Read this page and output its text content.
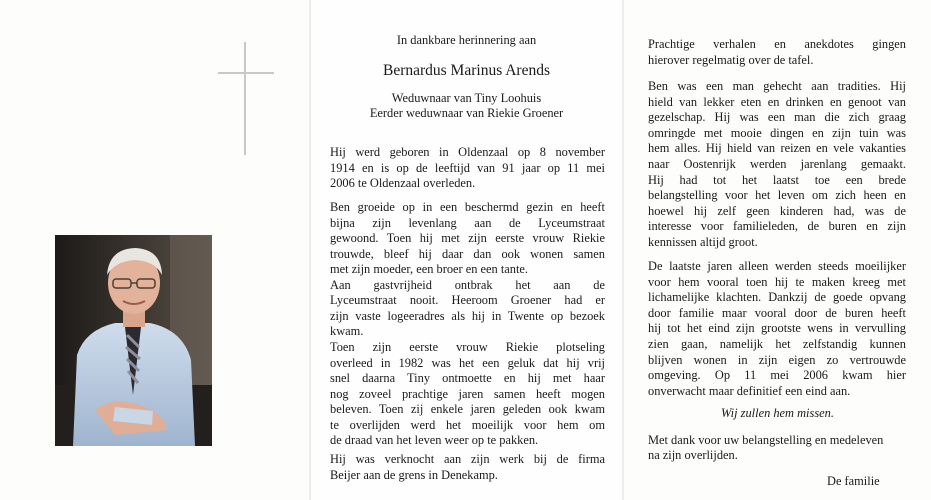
In dankbare herinnering aan
Bernardus Marinus Arends
Weduwnaar van Tiny Loohuis
Eerder weduwnaar van Riekie Groener
Hij werd geboren in Oldenzaal op 8 november
1914 en is op de leeftijd van 91 jaar op 11 mei
2006 te Oldenzaal overleden.
Ben groeide op in een beschermd gezin en heeft
bijna zijn levenlang aan de Lyceumstraat
gewoond. Toen hij met zijn eerste vrouw Riekie
trouwde, bleef hij daar dan ook wonen samen
met zijn moeder, een broer en een tante.
Aan gastvrijheid ontbrak het aan de
Lyceumstraat nooit. Heeroom Groener had er
zijn vaste logeeradres als hij in Twente op bezoek
kwam.
Toen zijn eerste vrouw Riekie plotseling
overleed in 1982 was het een geluk dat hij vrij
snel daarna Tiny ontmoette en hij met haar
nog zoveel prachtige jaren samen heeft mogen
beleven. Toen zij enkele jaren geleden ook kwam
te overlijden werd het moeilijk voor hem om
de draad van het leven weer op te pakken.
Hij was verknocht aan zijn werk bij de firma
Beijer aan de grens in Denekamp.
Prachtige verhalen en anekdotes gingen
hierover regelmatig over de tafel.
Ben was een man gehecht aan tradities. Hij
hield van lekker eten en drinken en genoot van
gezelschap. Hij was een man die zich graag
omringde met mooie dingen en zijn tuin was
hem alles. Hij hield van reizen en vele vakanties
naar Oostenrijk werden jarenlang gemaakt.
Hij had tot het laatst toe een brede
belangstelling voor het leven om zich heen en
hoewel hij zelf geen kinderen had, was de
interesse voor familieleden, de buren en zijn
kennissen altijd groot.
De laatste jaren alleen werden steeds moeilijker
voor hem vooral toen hij te maken kreeg met
lichamelijke klachten. Dankzij de goede opvang
door familie maar vooral door de buren heeft
hij tot het eind zijn grootste wens in vervulling
zien gaan, namelijk het zelfstandig kunnen
blijven wonen in zijn eigen zo vertrouwde
omgeving. Op 11 mei 2006 kwam hier
onverwacht maar definitief een eind aan.
Wij zullen hem missen.
Met dank voor uw belangstelling en medeleven
na zijn overlijden.
De familie
